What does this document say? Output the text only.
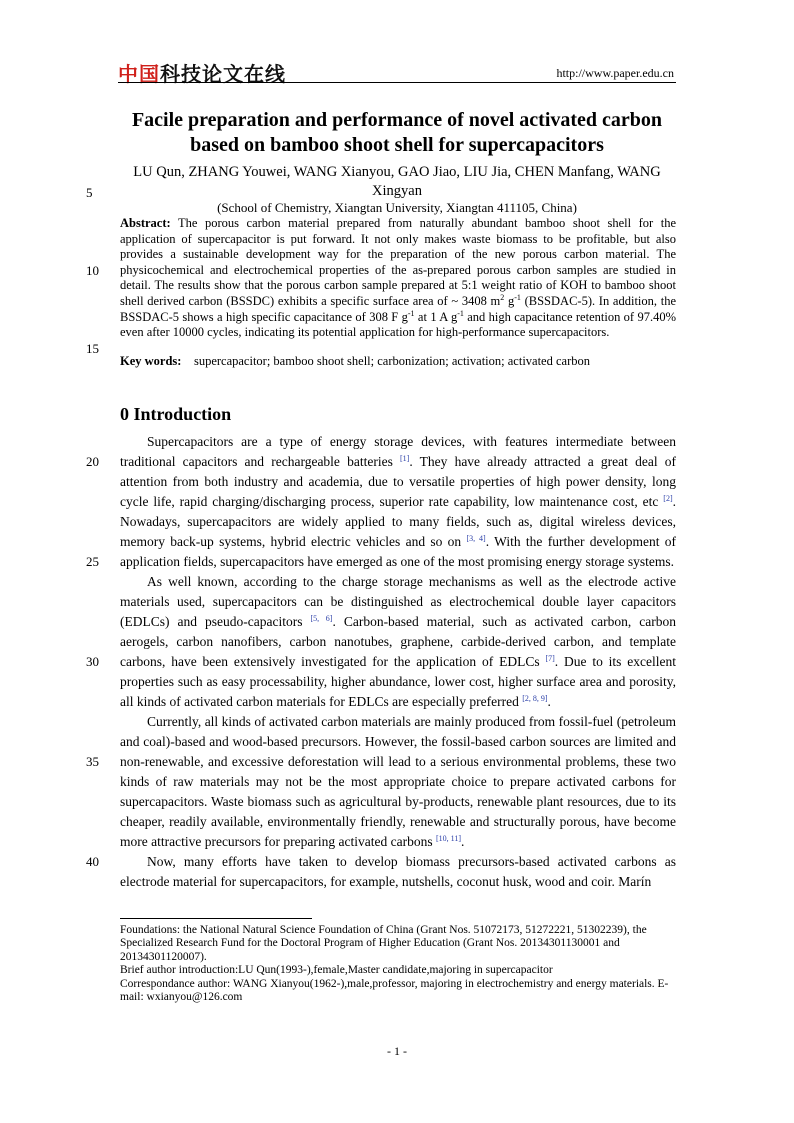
中国科技论文在线	http://www.paper.edu.cn
5
10
15
20
25
30
35
40
Facile preparation and performance of novel activated carbon based on bamboo shoot shell for supercapacitors
LU Qun, ZHANG Youwei, WANG Xianyou, GAO Jiao, LIU Jia, CHEN Manfang, WANG Xingyan
(School of Chemistry, Xiangtan University, Xiangtan 411105, China)
Abstract: The porous carbon material prepared from naturally abundant bamboo shoot shell for the application of supercapacitor is put forward. It not only makes waste biomass to be profitable, but also provides a sustainable development way for the preparation of the new porous carbon material. The physicochemical and electrochemical properties of the as-prepared porous carbon samples are studied in detail. The results show that the porous carbon sample prepared at 5:1 weight ratio of KOH to bamboo shoot shell derived carbon (BSSDC) exhibits a specific surface area of ~ 3408 $m^2$ $g^{-1}$ (BSSDAC-5). In addition, the BSSDAC-5 shows a high specific capacitance of 308 F $g^{-1}$ at 1 A $g^{-1}$ and high capacitance retention of 97.40% even after 10000 cycles, indicating its potential application for high-performance supercapacitors.
Key words: supercapacitor; bamboo shoot shell; carbonization; activation; activated carbon
0 Introduction

Supercapacitors are a type of energy storage devices, with features intermediate between traditional capacitors and rechargeable batteries [1]. They have already attracted a great deal of attention from both industry and academia, due to versatile properties of high power density, long cycle life, rapid charging/discharging process, superior rate capability, low maintenance cost, etc [2]. Nowadays, supercapacitors are widely applied to many fields, such as, digital wireless devices, memory back-up systems, hybrid electric vehicles and so on [3, 4]. With the further development of application fields, supercapacitors have emerged as one of the most promising energy storage systems.

As well known, according to the charge storage mechanisms as well as the electrode active materials used, supercapacitors can be distinguished as electrochemical double layer capacitors (EDLCs) and pseudo-capacitors [5, 6]. Carbon-based material, such as activated carbon, carbon aerogels, carbon nanofibers, carbon nanotubes, graphene, carbide-derived carbon, and template carbons, have been extensively investigated for the application of EDLCs [7]. Due to its excellent properties such as easy processability, higher abundance, lower cost, higher surface area and porosity, all kinds of activated carbon materials for EDLCs are especially preferred [2, 8, 9].

Currently, all kinds of activated carbon materials are mainly produced from fossil-fuel (petroleum and coal)-based and wood-based precursors. However, the fossil-based carbon sources are limited and non-renewable, and excessive deforestation will lead to a serious environmental problems, these two kinds of raw materials may not be the most appropriate choice to prepare activated carbons for supercapacitors. Waste biomass such as agricultural by-products, renewable plant resources, due to its cheaper, readily available, environmentally friendly, renewable and structurally porous, have become more attractive precursors for preparing activated carbons [10, 11].

Now, many efforts have taken to develop biomass precursors-based activated carbons as electrode material for supercapacitors, for example, nutshells, coconut husk, wood and coir. Marín

Foundations: the National Natural Science Foundation of China (Grant Nos. 51072173, 51272221, 51302239), the Specialized Research Fund for the Doctoral Program of Higher Education (Grant Nos. 20134301130001 and 20134301120007).
Brief author introduction:LU Qun(1993-),female,Master candidate,majoring in supercapacitor
Correspondance author: WANG Xianyou(1962-),male,professor, majoring in electrochemistry and energy materials. E-mail: wxianyou@126.com
- 1 -
